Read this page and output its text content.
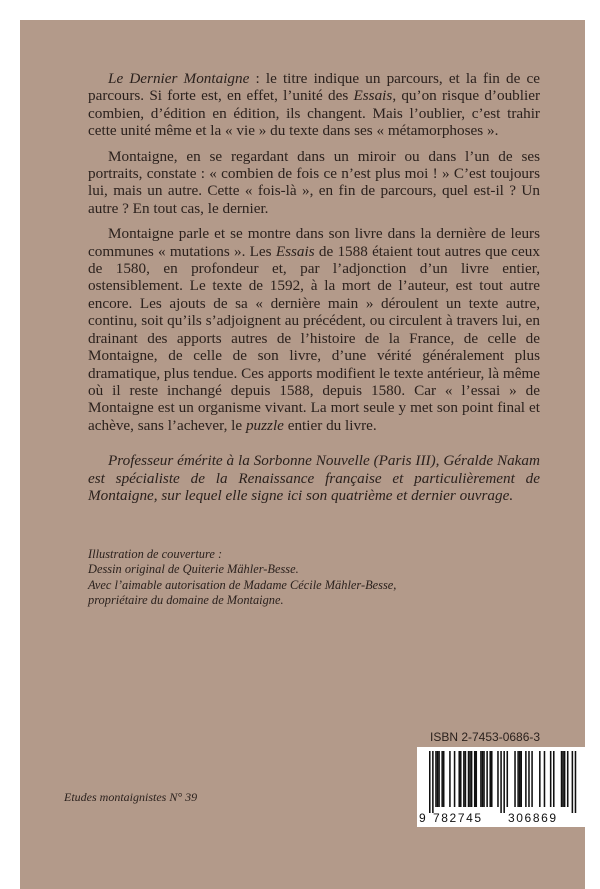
Le Dernier Montaigne : le titre indique un parcours, et la fin de ce parcours. Si forte est, en effet, l’unité des Essais, qu’on risque d’oublier combien, d’édition en édition, ils changent. Mais l’oublier, c’est trahir cette unité même et la « vie » du texte dans ses « métamorphoses ».

Montaigne, en se regardant dans un miroir ou dans l’un de ses portraits, constate : « combien de fois ce n’est plus moi ! » C’est toujours lui, mais un autre. Cette « fois-là », en fin de parcours, quel est-il ? Un autre ? En tout cas, le dernier.

Montaigne parle et se montre dans son livre dans la dernière de leurs communes « mutations ». Les Essais de 1588 étaient tout autres que ceux de 1580, en profondeur et, par l’adjonction d’un livre entier, ostensiblement. Le texte de 1592, à la mort de l’auteur, est tout autre encore. Les ajouts de sa « dernière main » déroulent un texte autre, continu, soit qu’ils s’adjoignent au précédent, ou circulent à travers lui, en drainant des apports autres de l’histoire de la France, de celle de Montaigne, de celle de son livre, d’une vérité généralement plus dramatique, plus tendue. Ces apports modifient le texte antérieur, là même où il reste inchangé depuis 1588, depuis 1580. Car « l’essai » de Montaigne est un organisme vivant. La mort seule y met son point final et achève, sans l’achever, le puzzle entier du livre.

Professeur émérite à la Sorbonne Nouvelle (Paris III), Géralde Nakam est spécialiste de la Renaissance française et particulièrement de Montaigne, sur lequel elle signe ici son quatrième et dernier ouvrage.

Illustration de couverture :
Dessin original de Quiterie Mähler-Besse.
Avec l’aimable autorisation de Madame Cécile Mähler-Besse,
propriétaire du domaine de Montaigne.
ISBN 2-7453-0686-3
Etudes montaignistes N° 39
9 782745 306869
